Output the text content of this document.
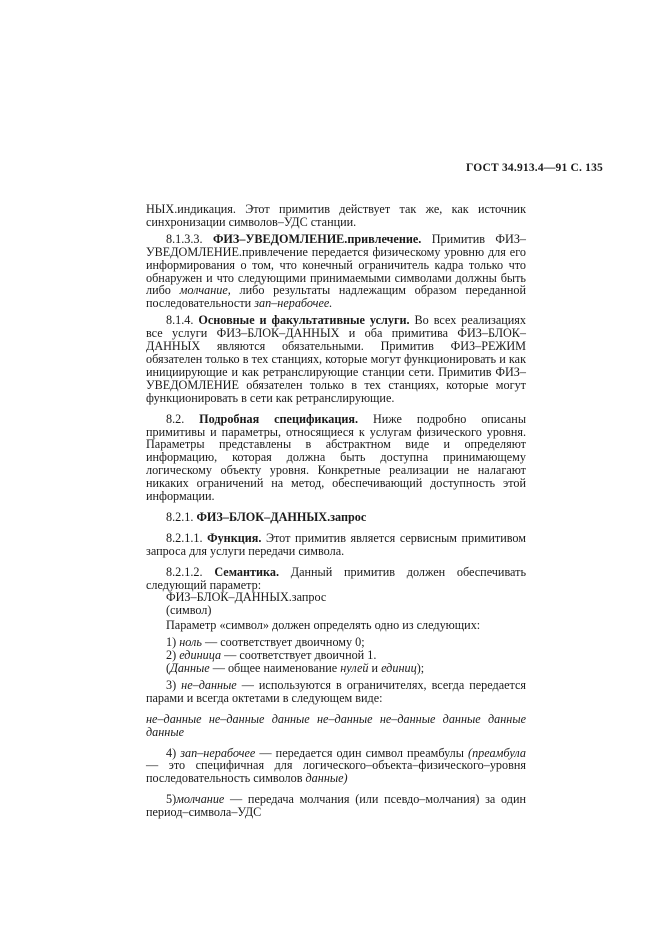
ГОСТ 34.913.4—91 С. 135

НЫХ.индикация. Этот примитив действует так же, как источник синхронизации символов–УДС станции.

8.1.3.3. ФИЗ–УВЕДОМЛЕНИЕ.привлечение. Примитив ФИЗ–УВЕДОМЛЕНИЕ.привлечение передается физическому уровню для его информирования о том, что конечный ограничитель кадра только что обнаружен и что следующими принимаемыми символами должны быть либо молчание, либо результаты надлежащим образом переданной последовательности зап–нерабочее.

8.1.4. Основные и факультативные услуги. Во всех реализациях все услуги ФИЗ–БЛОК–ДАННЫХ и оба примитива ФИЗ–БЛОК–ДАННЫХ являются обязательными. Примитив ФИЗ–РЕЖИМ обязателен только в тех станциях, которые могут функционировать и как инициирующие и как ретранслирующие станции сети. Примитив ФИЗ–УВЕДОМЛЕНИЕ обязателен только в тех станциях, которые могут функционировать в сети как ретранслирующие.

8.2. Подробная спецификация. Ниже подробно описаны примитивы и параметры, относящиеся к услугам физического уровня. Параметры представлены в абстрактном виде и определяют информацию, которая должна быть доступна принимающему логическому объекту уровня. Конкретные реализации не налагают никаких ограничений на метод, обеспечивающий доступность этой информации.

8.2.1. ФИЗ–БЛОК–ДАННЫХ.запрос

8.2.1.1. Функция. Этот примитив является сервисным примитивом запроса для услуги передачи символа.

8.2.1.2. Семантика. Данный примитив должен обеспечивать следующий параметр:

ФИЗ–БЛОК–ДАННЫХ.запрос
(символ)

Параметр «символ» должен определять одно из следующих:

1) ноль — соответствует двоичному 0;

2) единица — соответствует двоичной 1.

(Данные — общее наименование нулей и единиц);

3) не–данные — используются в ограничителях, всегда передается парами и всегда октетами в следующем виде:

не–данные не–данные данные не–данные не–данные данные данные данные

4) зап–нерабочее — передается один символ преамбулы (преамбула — это специфичная для логического–объекта–физического–уровня последовательность символов данные)

5)молчание — передача молчания (или псевдо–молчания) за один период–символа–УДС
